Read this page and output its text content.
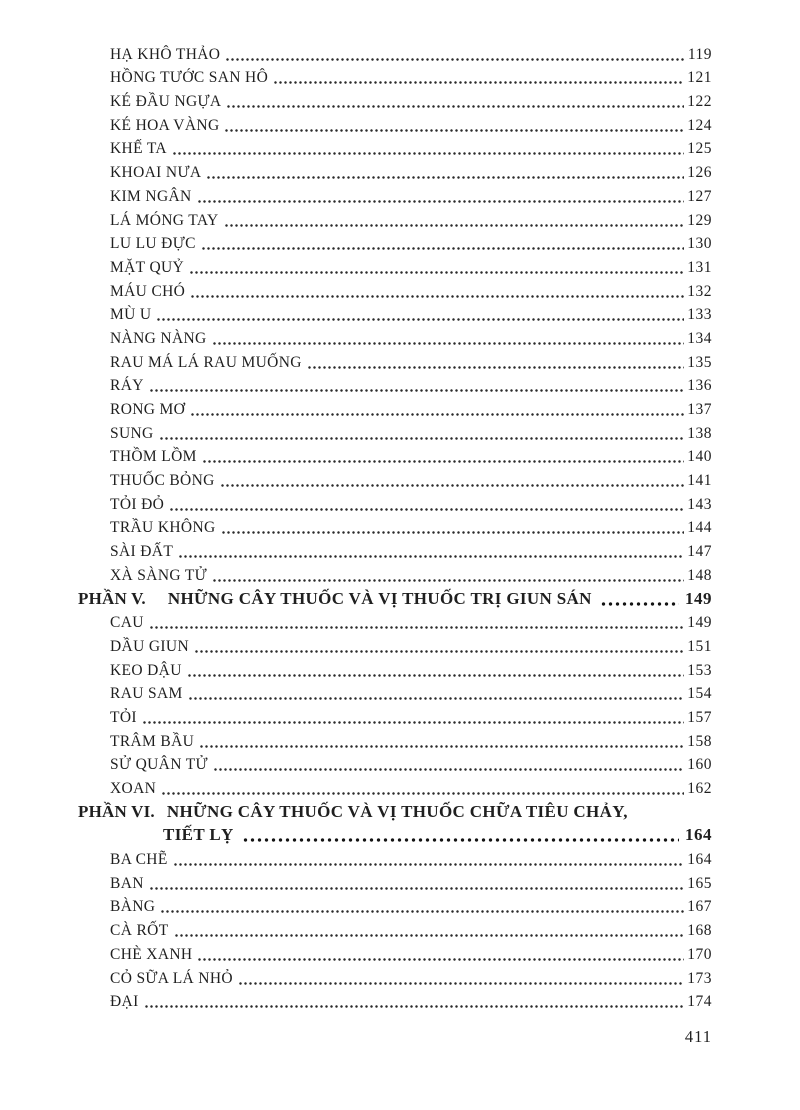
HẠ KHÔ THẢO	119
HỒNG TƯỚC SAN HÔ	121
KÉ ĐẦU NGỰA	122
KÉ HOA VÀNG	124
KHẾ TA	125
KHOAI NƯA	126
KIM NGÂN	127
LÁ MÓNG TAY	129
LU LU ĐỰC	130
MẶT QUỶ	131
MÁU CHÓ	132
MÙ U	133
NÀNG NÀNG	134
RAU MÁ LÁ RAU MUỐNG	135
RÁY	136
RONG MƠ	137
SUNG	138
THỒM LỒM	140
THUỐC BỎNG	141
TỎI ĐỎ	143
TRẦU KHÔNG	144
SÀI ĐẤT	147
XÀ SÀNG TỬ	148
PHẦN V. NHỮNG CÂY THUỐC VÀ VỊ THUỐC TRỊ GIUN SÁN	149
CAU	149
DẦU GIUN	151
KEO DẬU	153
RAU SAM	154
TỎI	157
TRÂM BẦU	158
SỬ QUÂN TỬ	160
XOAN	162
PHẦN VI. NHỮNG CÂY THUỐC VÀ VỊ THUỐC CHỮA TIÊU CHẢY,
TIẾT LỴ	164
BA CHẼ	164
BAN	165
BÀNG	167
CÀ RỐT	168
CHÈ XANH	170
CỎ SỮA LÁ NHỎ	173
ĐẠI	174
411
